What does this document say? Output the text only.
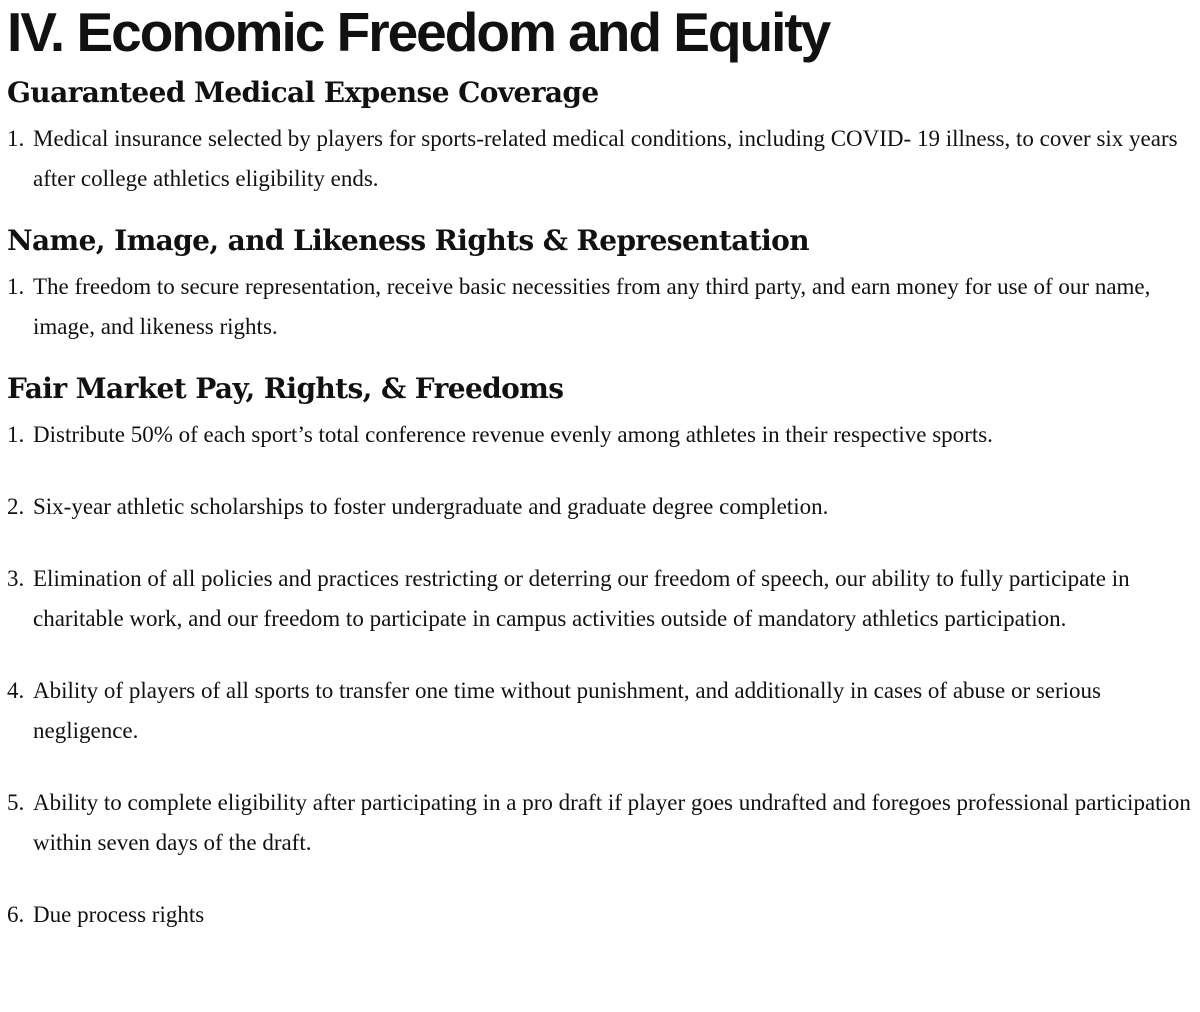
IV. Economic Freedom and Equity
Guaranteed Medical Expense Coverage
1. Medical insurance selected by players for sports-related medical conditions, including COVID- 19 illness, to cover six years after college athletics eligibility ends.
Name, Image, and Likeness Rights & Representation
1. The freedom to secure representation, receive basic necessities from any third party, and earn money for use of our name, image, and likeness rights.
Fair Market Pay, Rights, & Freedoms
1. Distribute 50% of each sport’s total conference revenue evenly among athletes in their respective sports.
2. Six-year athletic scholarships to foster undergraduate and graduate degree completion.
3. Elimination of all policies and practices restricting or deterring our freedom of speech, our ability to fully participate in charitable work, and our freedom to participate in campus activities outside of mandatory athletics participation.
4. Ability of players of all sports to transfer one time without punishment, and additionally in cases of abuse or serious negligence.
5. Ability to complete eligibility after participating in a pro draft if player goes undrafted and foregoes professional participation within seven days of the draft.
6. Due process rights
